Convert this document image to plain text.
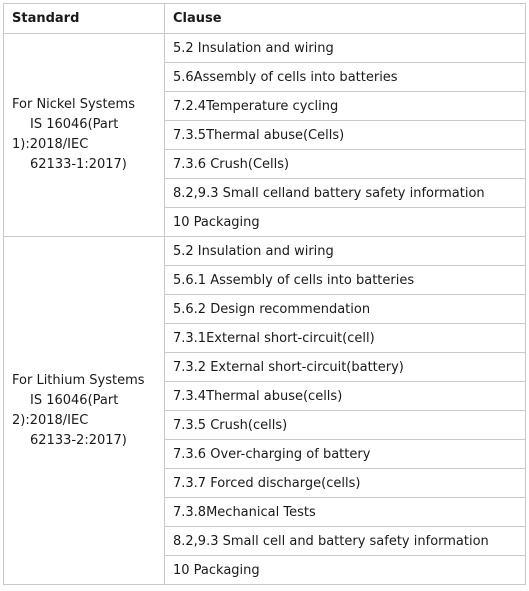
Standard	Clause

For Nickel Systems
IS 16046(Part
1):2018/IEC
62133-1:2017)	5.2 Insulation and wiring
	5.6Assembly of cells into batteries
	7.2.4Temperature cycling
	7.3.5Thermal abuse(Cells)
	7.3.6 Crush(Cells)
	8.2,9.3 Small celland battery safety information
	10 Packaging

For Lithium Systems
IS 16046(Part
2):2018/IEC
62133-2:2017)	5.2 Insulation and wiring
	5.6.1 Assembly of cells into batteries
	5.6.2 Design recommendation
	7.3.1External short-circuit(cell)
	7.3.2 External short-circuit(battery)
	7.3.4Thermal abuse(cells)
	7.3.5 Crush(cells)
	7.3.6 Over-charging of battery
	7.3.7 Forced discharge(cells)
	7.3.8Mechanical Tests
	8.2,9.3 Small cell and battery safety information
	10 Packaging
